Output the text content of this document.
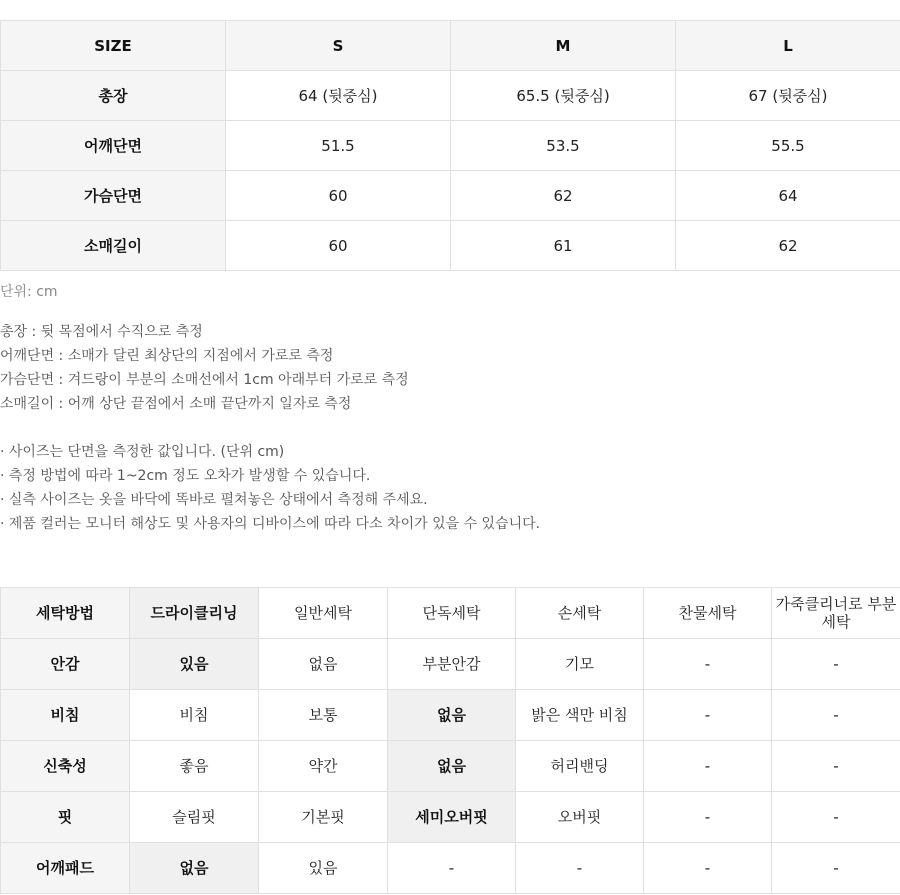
SIZE	S	M	L
총장	64 (뒷중심)	65.5 (뒷중심)	67 (뒷중심)
어깨단면	51.5	53.5	55.5
가슴단면	60	62	64
소매길이	60	61	62
단위: cm
총장 : 뒷 목점에서 수직으로 측정
어깨단면 : 소매가 달린 최상단의 지점에서 가로로 측정
가슴단면 : 겨드랑이 부분의 소매선에서 1cm 아래부터 가로로 측정
소매길이 : 어깨 상단 끝점에서 소매 끝단까지 일자로 측정
· 사이즈는 단면을 측정한 값입니다. (단위 cm)
· 측정 방법에 따라 1~2cm 정도 오차가 발생할 수 있습니다.
· 실측 사이즈는 옷을 바닥에 똑바로 펼쳐놓은 상태에서 측정해 주세요.
· 제품 컬러는 모니터 해상도 및 사용자의 디바이스에 따라 다소 차이가 있을 수 있습니다.
세탁방법	드라이클리닝	일반세탁	단독세탁	손세탁	찬물세탁	가죽클리너로 부분세탁
안감	있음	없음	부분안감	기모	-	-
비침	비침	보통	없음	밝은 색만 비침	-	-
신축성	좋음	약간	없음	허리밴딩	-	-
핏	슬림핏	기본핏	세미오버핏	오버핏	-	-
어깨패드	없음	있음	-	-	-	-
